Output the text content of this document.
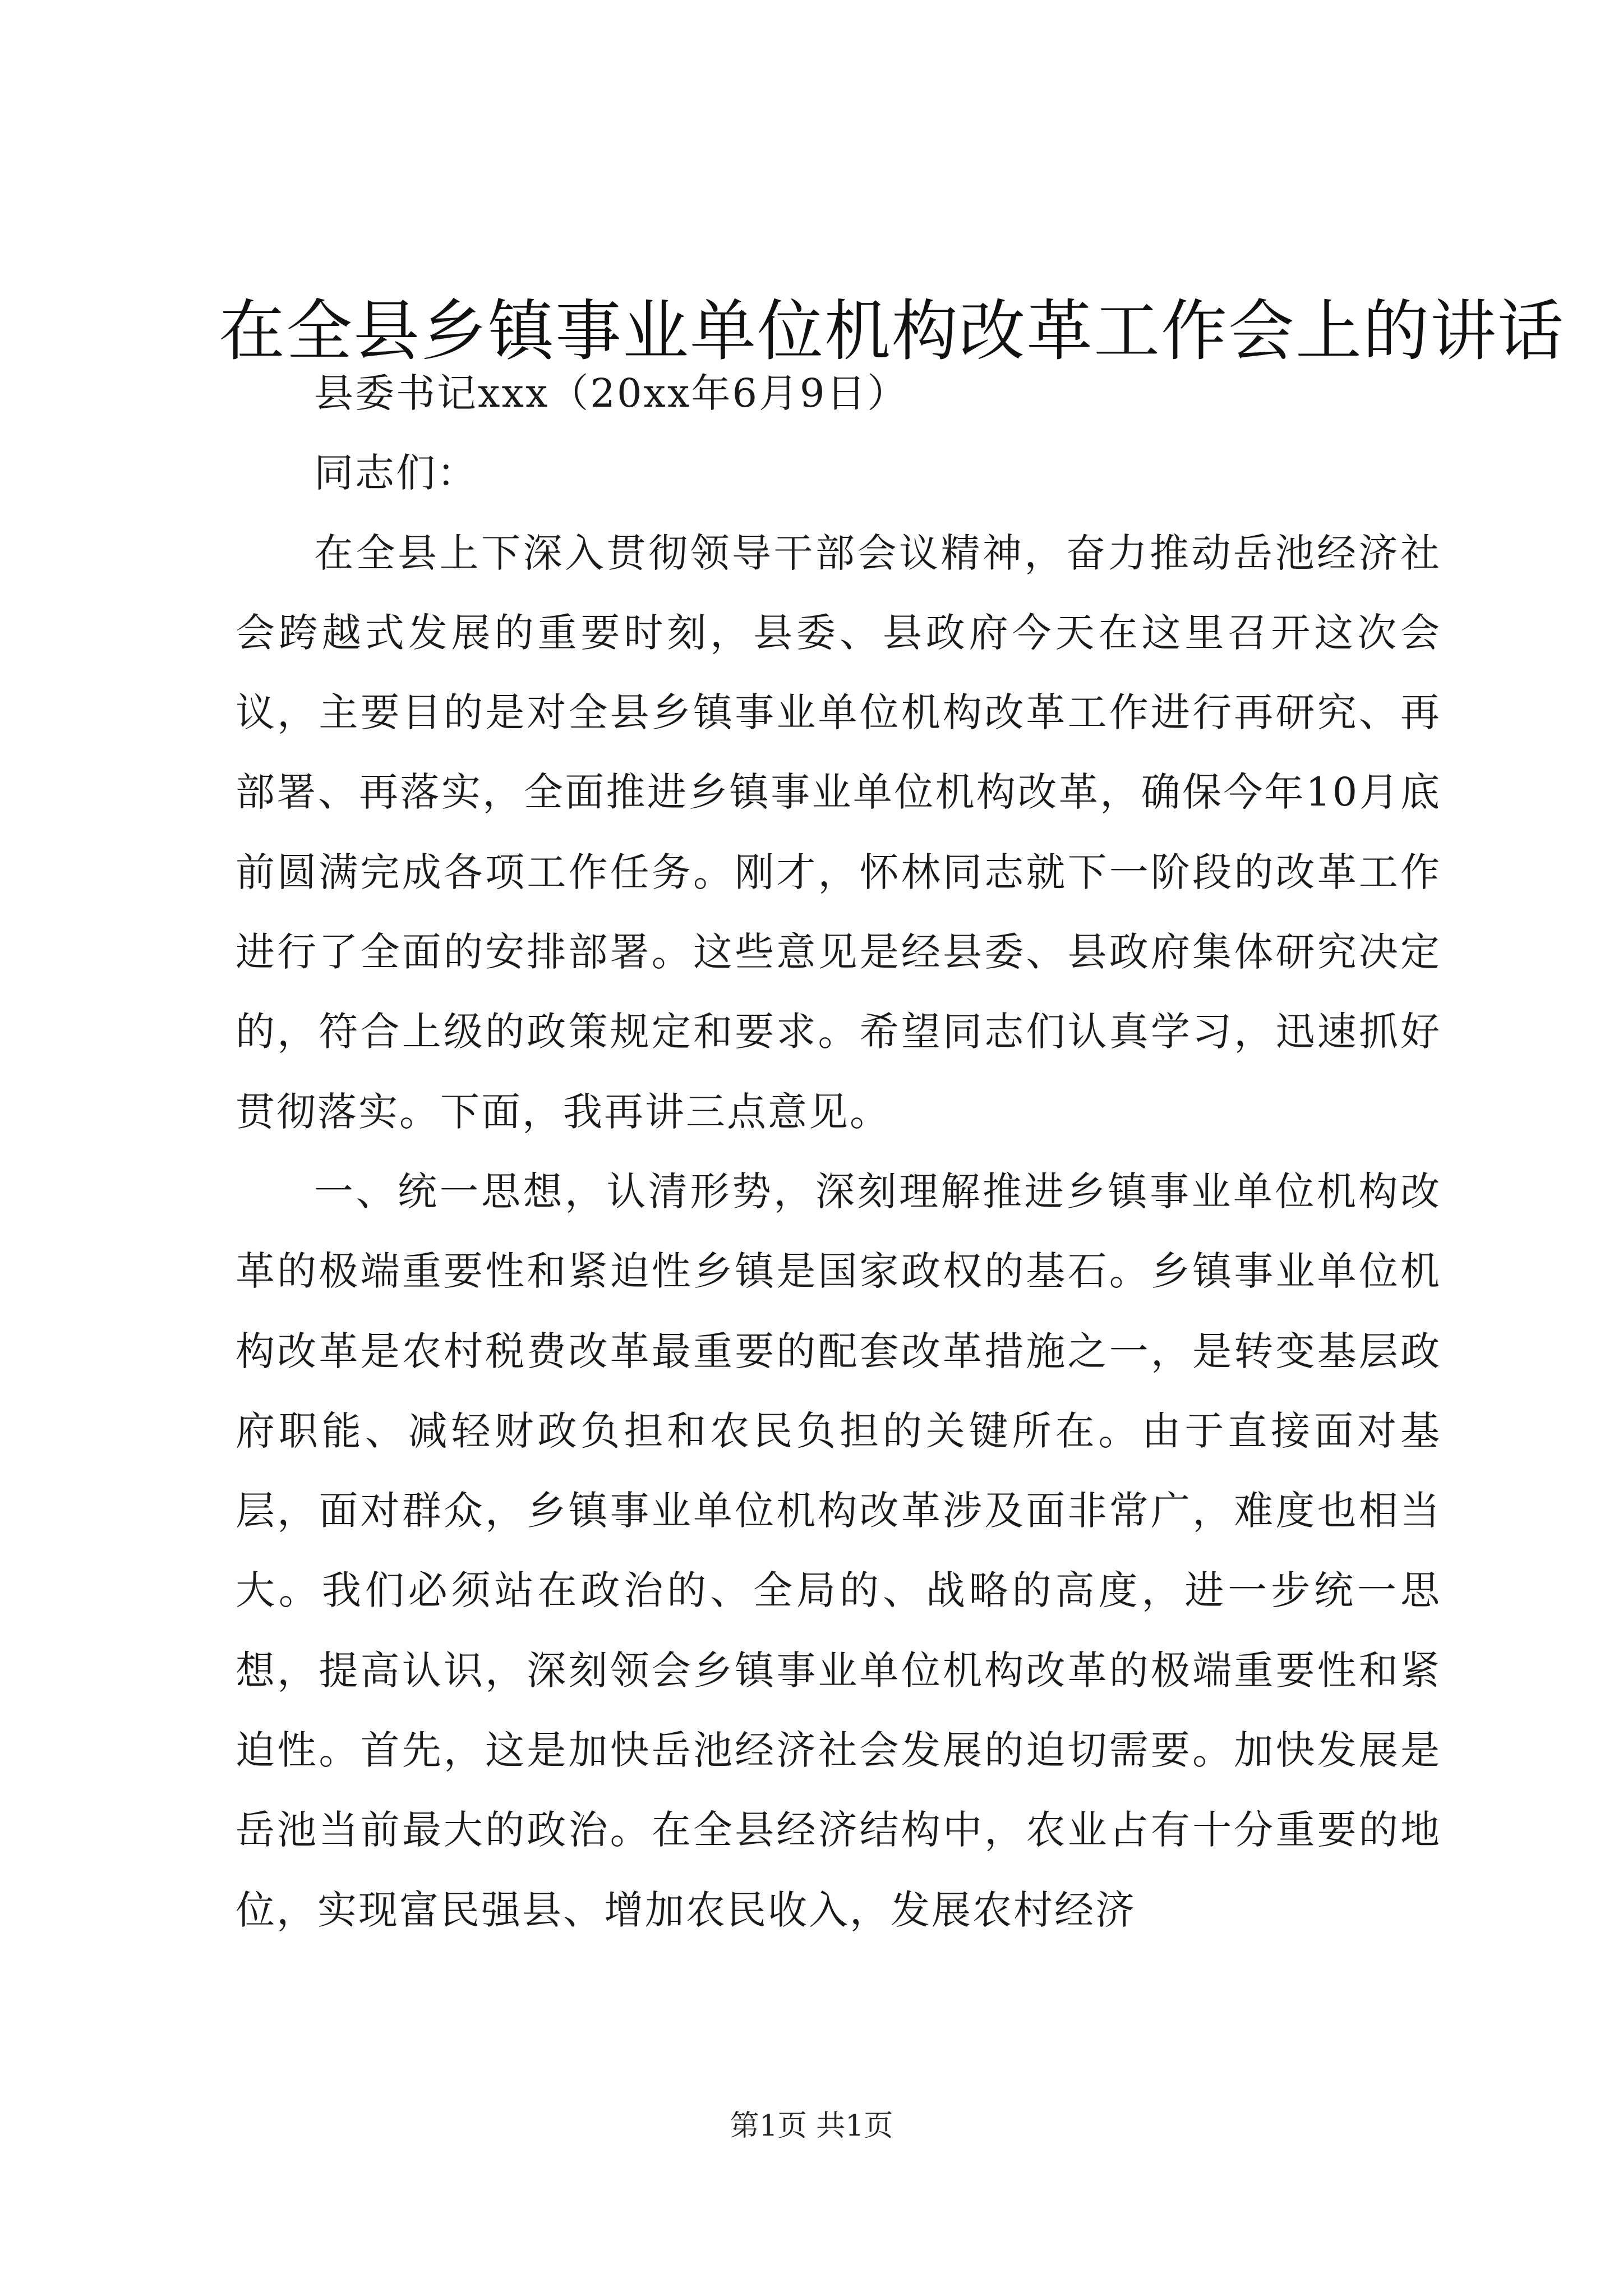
在全县乡镇事业单位机构改革工作会上的讲话

县委书记xxx（20xx年6月9日）

同志们：

在全县上下深入贯彻领导干部会议精神，奋力推动岳池经济社会跨越式发展的重要时刻，县委、县政府今天在这里召开这次会议，主要目的是对全县乡镇事业单位机构改革工作进行再研究、再部署、再落实，全面推进乡镇事业单位机构改革，确保今年10月底前圆满完成各项工作任务。刚才，怀林同志就下一阶段的改革工作进行了全面的安排部署。这些意见是经县委、县政府集体研究决定的，符合上级的政策规定和要求。希望同志们认真学习，迅速抓好贯彻落实。下面，我再讲三点意见。

一、统一思想，认清形势，深刻理解推进乡镇事业单位机构改革的极端重要性和紧迫性乡镇是国家政权的基石。乡镇事业单位机构改革是农村税费改革最重要的配套改革措施之一，是转变基层政府职能、减轻财政负担和农民负担的关键所在。由于直接面对基层，面对群众，乡镇事业单位机构改革涉及面非常广，难度也相当大。我们必须站在政治的、全局的、战略的高度，进一步统一思想，提高认识，深刻领会乡镇事业单位机构改革的极端重要性和紧迫性。首先，这是加快岳池经济社会发展的迫切需要。加快发展是岳池当前最大的政治。在全县经济结构中，农业占有十分重要的地位，实现富民强县、增加农民收入，发展农村经济

第1页 共1页
